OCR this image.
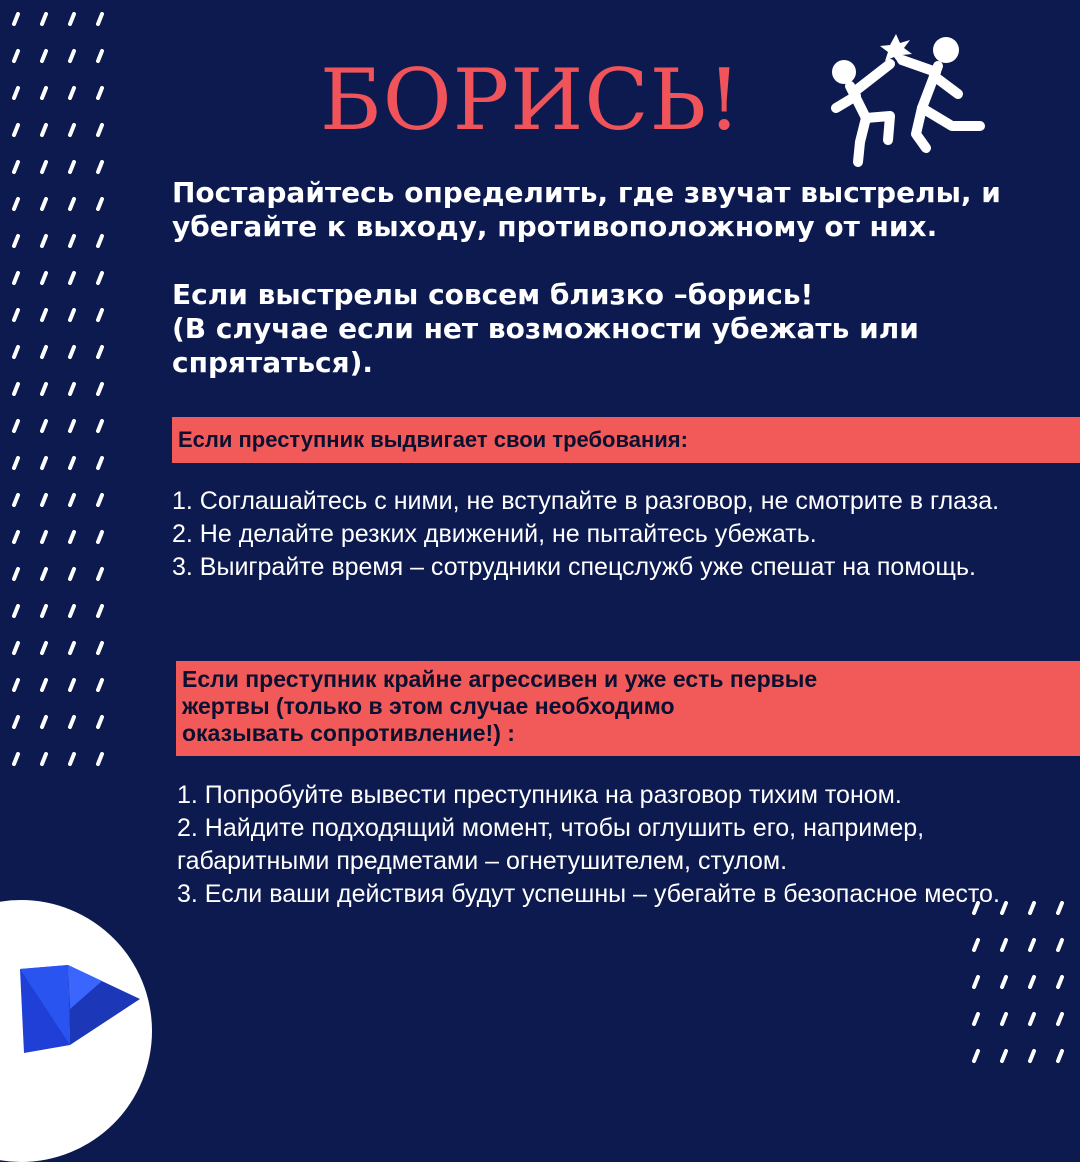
БОРИСЬ!

Постарайтесь определить, где звучат выстрелы, и убегайте к выходу, противоположному от них.

Если выстрелы совсем близко –борись!
(В случае если нет возможности убежать или спрятаться).

Если преступник выдвигает свои требования:
1. Соглашайтесь с ними, не вступайте в разговор, не смотрите в глаза.
2. Не делайте резких движений, не пытайтесь убежать.
3. Выиграйте время – сотрудники спецслужб уже спешат на помощь.
Если преступник крайне агрессивен и уже есть первые
жертвы (только в этом случае необходимо
оказывать сопротивление!) :
1. Попробуйте вывести преступника на разговор тихим тоном.
2. Найдите подходящий момент, чтобы оглушить его, например, габаритными предметами – огнетушителем, стулом.
3. Если ваши действия будут успешны – убегайте в безопасное место.
